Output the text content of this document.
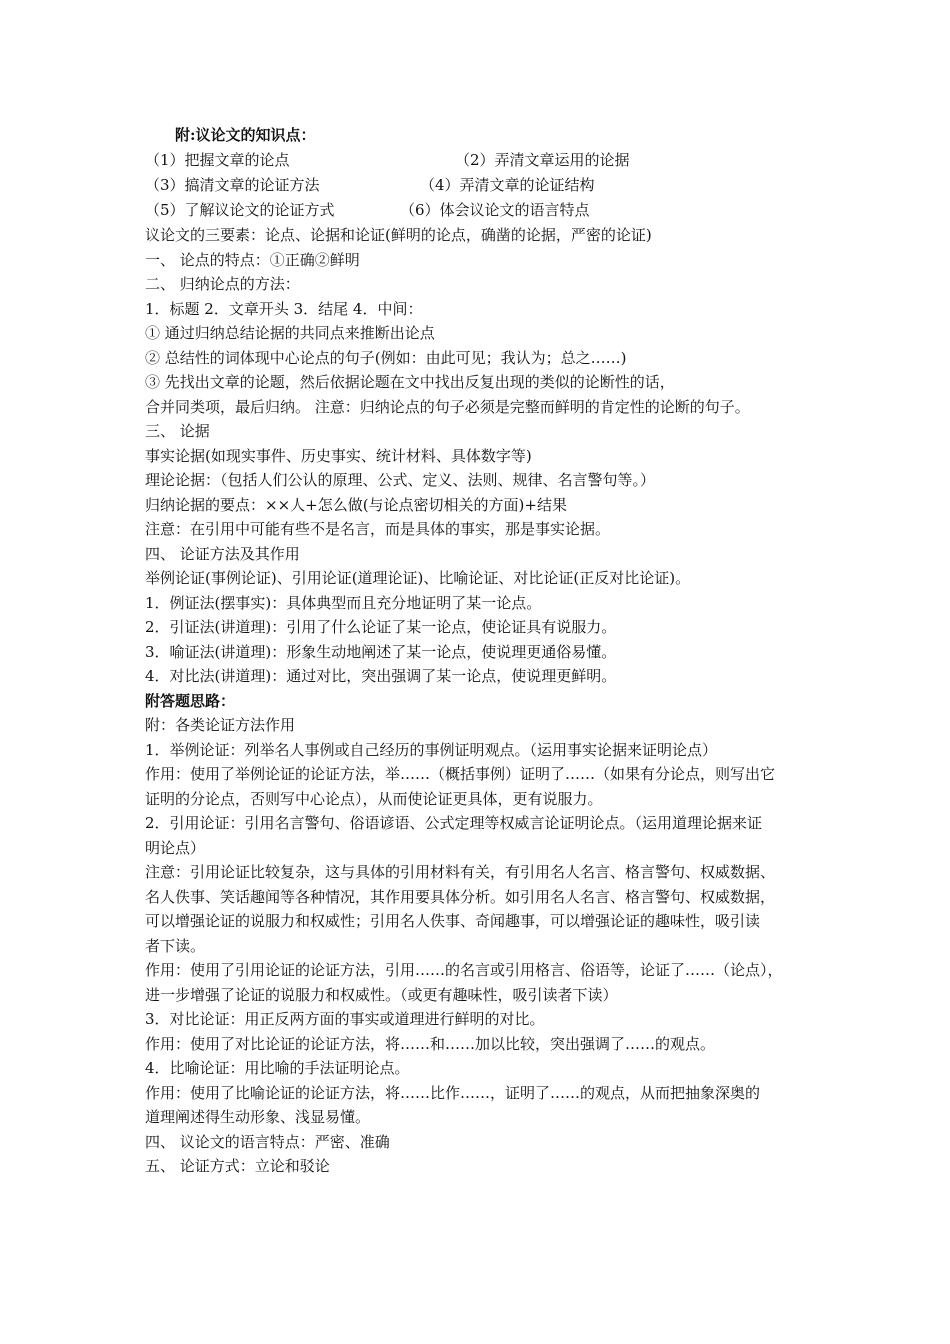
附:议论文的知识点：
（1）把握文章的论点	（2）弄清文章运用的论据
（3）搞清文章的论证方法	（4）弄清文章的论证结构
（5）了解议论文的论证方式	（6）体会议论文的语言特点
议论文的三要素：论点、论据和论证(鲜明的论点，确凿的论据，严密的论证)
一、 论点的特点：①正确②鲜明
二、 归纳论点的方法：
1．标题 2．文章开头 3．结尾 4．中间：
① 通过归纳总结论据的共同点来推断出论点
② 总结性的词体现中心论点的句子(例如：由此可见；我认为；总之……)
③ 先找出文章的论题，然后依据论题在文中找出反复出现的类似的论断性的话，
合并同类项，最后归纳。 注意：归纳论点的句子必须是完整而鲜明的肯定性的论断的句子。
三、 论据
事实论据(如现实事件、历史事实、统计材料、具体数字等)
理论论据：（包括人们公认的原理、公式、定义、法则、规律、名言警句等。）
归纳论据的要点：××人+怎么做(与论点密切相关的方面)+结果
注意：在引用中可能有些不是名言，而是具体的事实，那是事实论据。
四、 论证方法及其作用
举例论证(事例论证)、引用论证(道理论证)、比喻论证、对比论证(正反对比论证)。
1．例证法(摆事实)：具体典型而且充分地证明了某一论点。
2．引证法(讲道理)：引用了什么论证了某一论点，使论证具有说服力。
3．喻证法(讲道理)：形象生动地阐述了某一论点，使说理更通俗易懂。
4．对比法(讲道理)：通过对比，突出强调了某一论点，使说理更鲜明。
附答题思路：
附：各类论证方法作用
1．举例论证：列举名人事例或自己经历的事例证明观点。（运用事实论据来证明论点）
作用：使用了举例论证的论证方法，举……（概括事例）证明了……（如果有分论点，则写出它
证明的分论点，否则写中心论点），从而使论证更具体，更有说服力。
2．引用论证：引用名言警句、俗语谚语、公式定理等权威言论证明论点。（运用道理论据来证
明论点）
注意：引用论证比较复杂，这与具体的引用材料有关，有引用名人名言、格言警句、权威数据、
名人佚事、笑话趣闻等各种情况，其作用要具体分析。如引用名人名言、格言警句、权威数据，
可以增强论证的说服力和权威性；引用名人佚事、奇闻趣事，可以增强论证的趣味性，吸引读
者下读。
作用：使用了引用论证的论证方法，引用……的名言或引用格言、俗语等，论证了……（论点），
进一步增强了论证的说服力和权威性。（或更有趣味性，吸引读者下读）
3．对比论证：用正反两方面的事实或道理进行鲜明的对比。
作用：使用了对比论证的论证方法，将……和……加以比较，突出强调了……的观点。
4．比喻论证：用比喻的手法证明论点。
作用：使用了比喻论证的论证方法，将……比作……，证明了……的观点，从而把抽象深奥的
道理阐述得生动形象、浅显易懂。
四、 议论文的语言特点：严密、准确
五、 论证方式：立论和驳论
